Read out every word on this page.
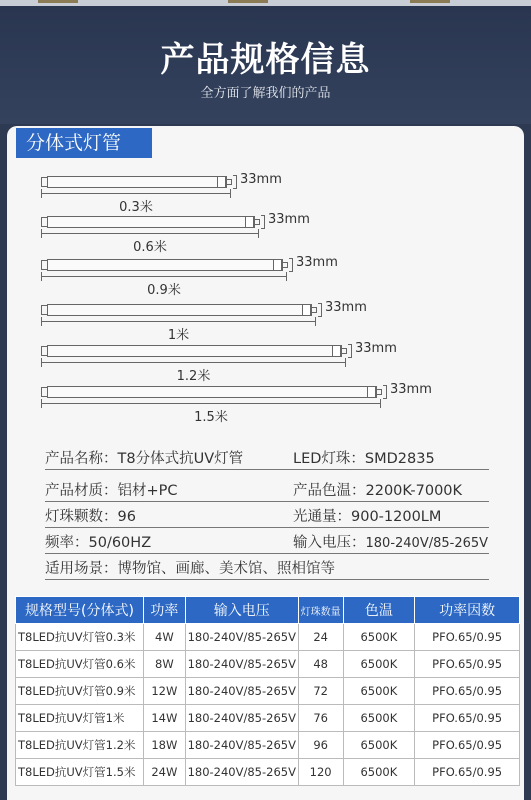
产品规格信息
全方面了解我们的产品
分体式灯管
33mm
0.3米
33mm
0.6米
33mm
0.9米
33mm
1米
33mm
1.2米
33mm
1.5米
产品名称：T8分体式抗UV灯管	LED灯珠：SMD2835
产品材质：铝材+PC	产品色温：2200K-7000K
灯珠颗数：96	光通量：900-1200LM
频率：50/60HZ	输入电压：180-240V/85-265V
适用场景：博物馆、画廊、美术馆、照相馆等
规格型号(分体式)	功率	输入电压	灯珠数量	色温	功率因数
T8LED抗UV灯管0.3米	4W	180-240V/85-265V	24	6500K	PFO.65/0.95
T8LED抗UV灯管0.6米	8W	180-240V/85-265V	48	6500K	PFO.65/0.95
T8LED抗UV灯管0.9米	12W	180-240V/85-265V	72	6500K	PFO.65/0.95
T8LED抗UV灯管1米	14W	180-240V/85-265V	76	6500K	PFO.65/0.95
T8LED抗UV灯管1.2米	18W	180-240V/85-265V	96	6500K	PFO.65/0.95
T8LED抗UV灯管1.5米	24W	180-240V/85-265V	120	6500K	PFO.65/0.95
